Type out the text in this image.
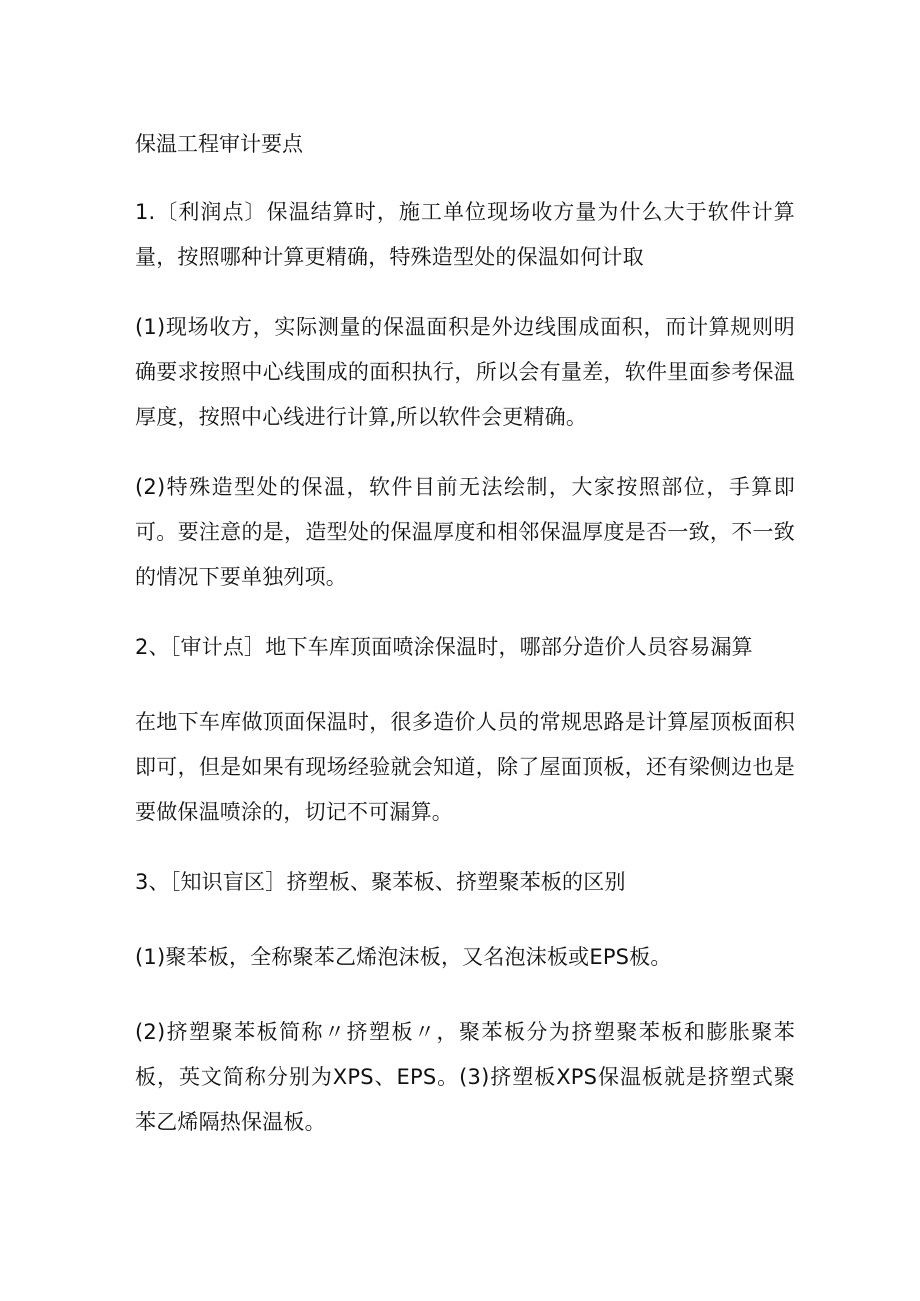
保温工程审计要点

1.〔利润点〕保温结算时，施工单位现场收方量为什么大于软件计算量，按照哪种计算更精确，特殊造型处的保温如何计取

(1)现场收方，实际测量的保温面积是外边线围成面积，而计算规则明确要求按照中心线围成的面积执行，所以会有量差，软件里面参考保温厚度，按照中心线进行计算,所以软件会更精确。

(2)特殊造型处的保温，软件目前无法绘制，大家按照部位，手算即可。要注意的是，造型处的保温厚度和相邻保温厚度是否一致，不一致的情况下要单独列项。

2、［审计点］地下车库顶面喷涂保温时，哪部分造价人员容易漏算

在地下车库做顶面保温时，很多造价人员的常规思路是计算屋顶板面积即可，但是如果有现场经验就会知道，除了屋面顶板，还有梁侧边也是要做保温喷涂的，切记不可漏算。

3、［知识盲区］挤塑板、聚苯板、挤塑聚苯板的区别

(1)聚苯板，全称聚苯乙烯泡沫板，又名泡沫板或EPS板。

(2)挤塑聚苯板简称〃挤塑板〃，聚苯板分为挤塑聚苯板和膨胀聚苯板，英文简称分别为XPS、EPS。(3)挤塑板XPS保温板就是挤塑式聚苯乙烯隔热保温板。
